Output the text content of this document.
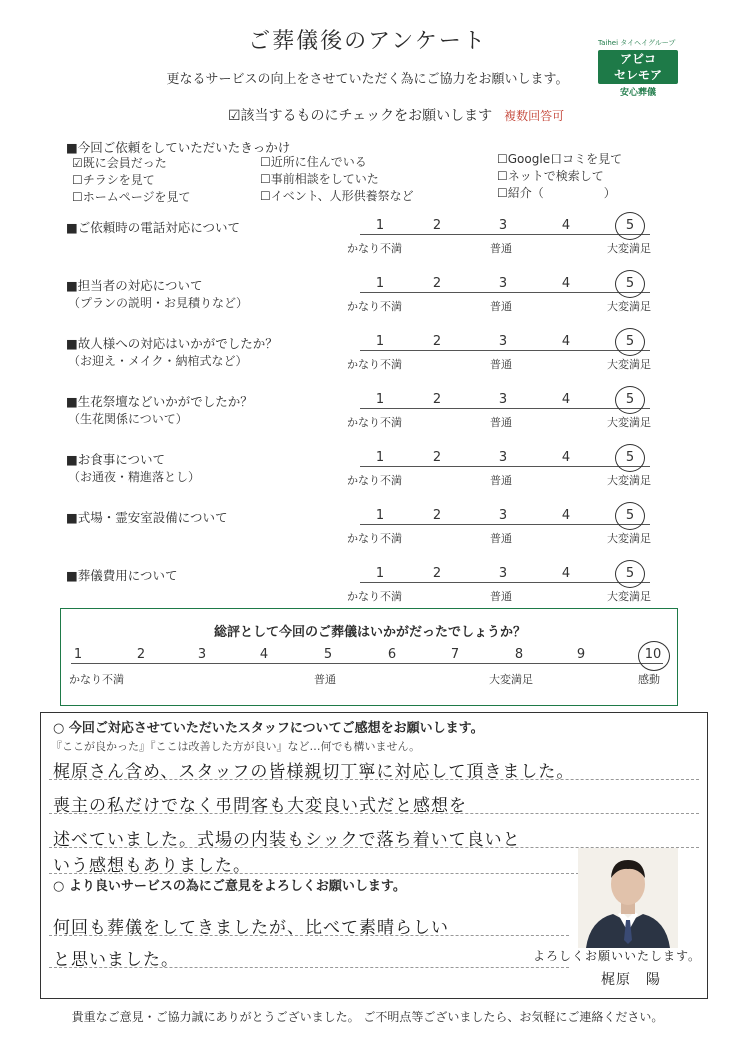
ご葬儀後のアンケート
更なるサービスの向上をさせていただく為にご協力をお願いします。
☑該当するものにチェックをお願いします 複数回答可
Taihei タイヘイグループ
アビコ
セレモア
安心葬儀
■今回ご依頼をしていただいたきっかけ
☑既に会員だった
☐チラシを見て
☐ホームページを見て
☐近所に住んでいる
☐事前相談をしていた
☐イベント、人形供養祭など
☐Google口コミを見て
☐ネットで検索して
☐紹介（　　　　　）
■ご依頼時の電話対応について	1	2	3	4	5
かなり不満	普通	大変満足
■担当者の対応について
（プランの説明・お見積りなど）
1	2	3	4	5
かなり不満	普通	大変満足
■故人様への対応はいかがでしたか？
（お迎え・メイク・納棺式など）
1	2	3	4	5
かなり不満	普通	大変満足
■生花祭壇などいかがでしたか？
（生花関係について）
1	2	3	4	5
かなり不満	普通	大変満足
■お食事について
（お通夜・精進落とし）
1	2	3	4	5
かなり不満	普通	大変満足
■式場・霊安室設備について	1	2	3	4	5
かなり不満	普通	大変満足
■葬儀費用について	1	2	3	4	5
かなり不満	普通	大変満足
総評として今回のご葬儀はいかがだったでしょうか？
かなり不満	普通	大変満足	感動
1	2	3	4	5	6	7	8	9	10
○ 今回ご対応させていただいたスタッフについてご感想をお願いします。
『ここが良かった』『ここは改善した方が良い』など…何でも構いません。
梶原さん含め、スタッフの皆様親切丁寧に対応して頂きました。
喪主の私だけでなく弔問客も大変良い式だと感想を
述べていました。式場の内装もシックで落ち着いて良いと
いう感想もありました。
○ より良いサービスの為にご意見をよろしくお願いします。
何回も葬儀をしてきましたが、比べて素晴らしい
と思いました。	よろしくお願いいたします。
梶原　陽
貴重なご意見・ご協力誠にありがとうございました。 ご不明点等ございましたら、お気軽にご連絡ください。
